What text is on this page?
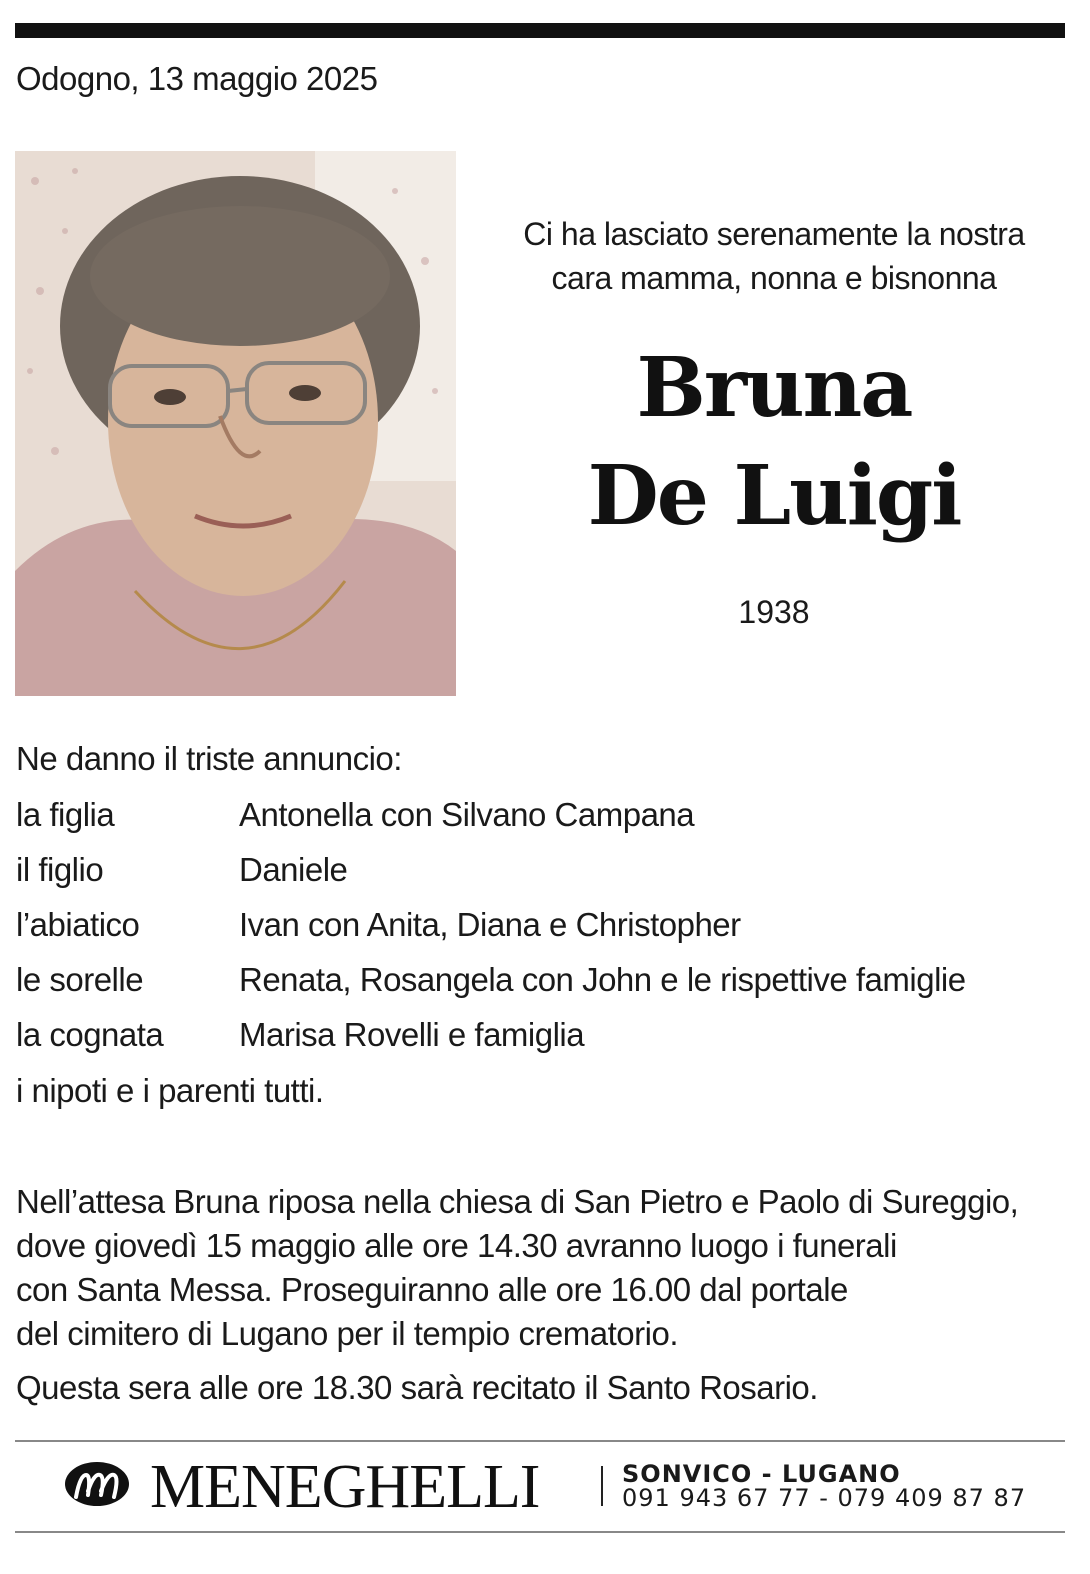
Odogno, 13 maggio 2025
Ci ha lasciato serenamente la nostra
cara mamma, nonna e bisnonna
Bruna
De Luigi
1938
Ne danno il triste annuncio:
la figlia	Antonella con Silvano Campana
il figlio	Daniele
l’abiatico	Ivan con Anita, Diana e Christopher
le sorelle	Renata, Rosangela con John e le rispettive famiglie
la cognata	Marisa Rovelli e famiglia
i nipoti e i parenti tutti.

Nell’attesa Bruna riposa nella chiesa di San Pietro e Paolo di Sureggio,

dove giovedì 15 maggio alle ore 14.30 avranno luogo i funerali

con Santa Messa. Proseguiranno alle ore 16.00 dal portale

del cimitero di Lugano per il tempio crematorio.

Questa sera alle ore 18.30 sarà recitato il Santo Rosario.

MENEGHELLI	SONVICO - LUGANO
091 943 67 77 - 079 409 87 87
